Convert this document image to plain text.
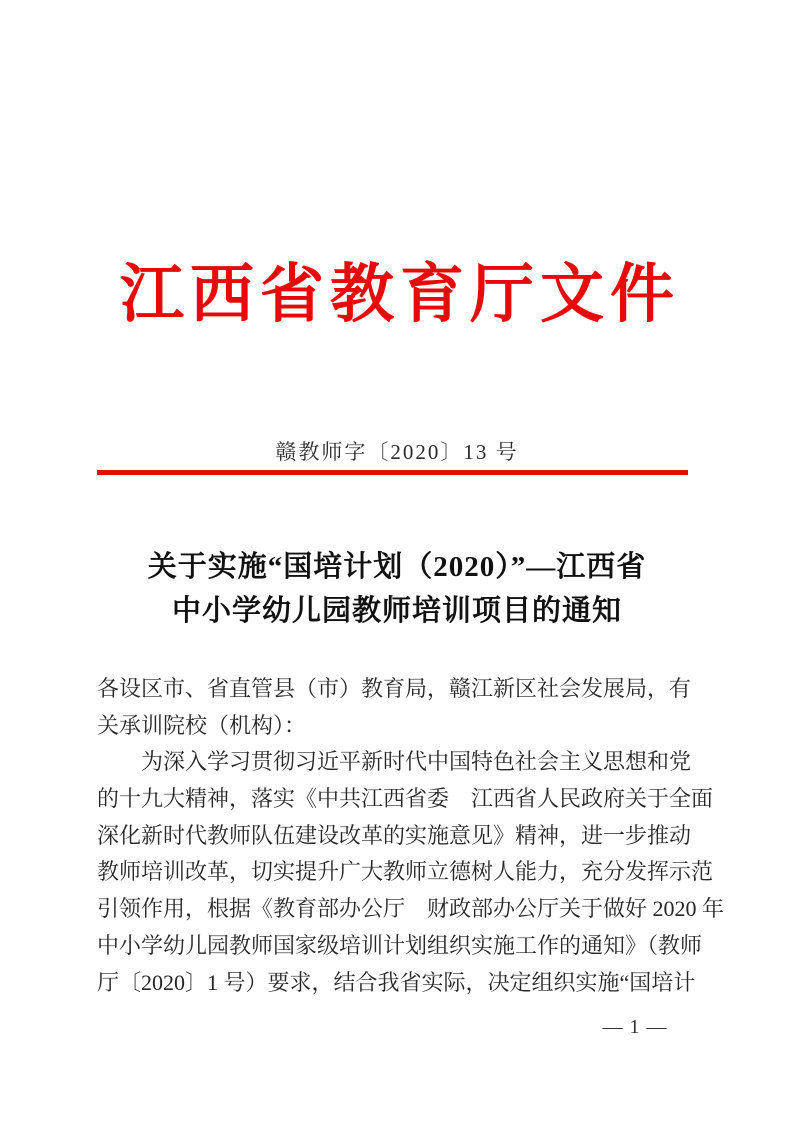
江西省教育厅文件
赣教师字〔2020〕13 号
关于实施“国培计划（2020）”—江西省
中小学幼儿园教师培训项目的通知
各设区市、省直管县（市）教育局，赣江新区社会发展局，有
关承训院校（机构）：
为深入学习贯彻习近平新时代中国特色社会主义思想和党
的十九大精神，落实《中共江西省委　江西省人民政府关于全面
深化新时代教师队伍建设改革的实施意见》精神，进一步推动
教师培训改革，切实提升广大教师立德树人能力，充分发挥示范
引领作用，根据《教育部办公厅　财政部办公厅关于做好 2020 年
中小学幼儿园教师国家级培训计划组织实施工作的通知》（教师
厅〔2020〕1 号）要求，结合我省实际，决定组织实施“国培计
— 1 —
